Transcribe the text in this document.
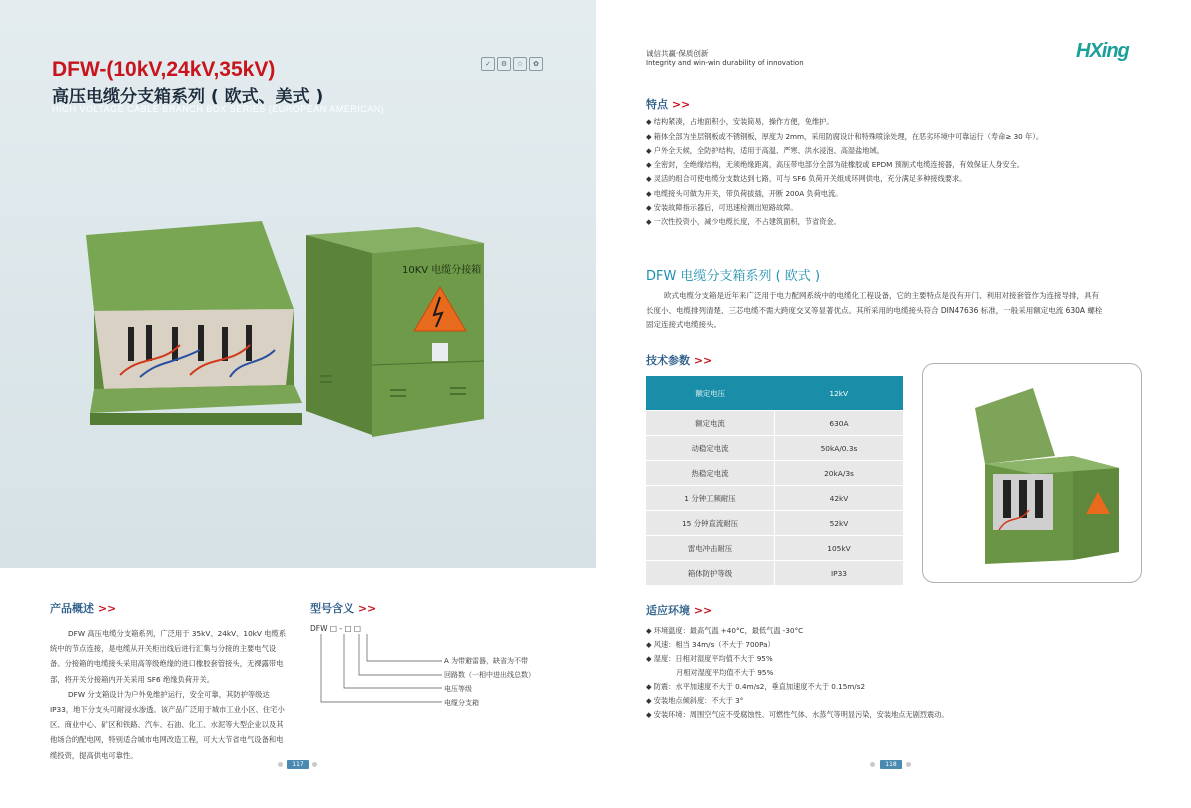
DFW-(10kV,24kV,35kV)
高压电缆分支箱系列 ( 欧式、美式 )
HIGH VOLTAGE CABLE BRANCH BOX SERIES (EUROPEAN AMERICAN)
✓	⚙	☆	✿
10KV 电缆分接箱
产品概述 >>

DFW 高压电缆分支箱系列，广泛用于 35kV、24kV、10kV 电缆系统中的节点连接，是电缆从开关柜出线后进行汇集与分接的主要电气设备。分接箱的电缆接头采用高等级绝缘的进口橡胶套管接头，无裸露带电部，将开关分接箱内开关采用 SF6 绝缘负荷开关。

DFW 分支箱设计为户外免维护运行，安全可靠，其防护等级达 IP33，地下分支头可耐浸水渗透。该产品广泛用于城市工业小区、住宅小区、商业中心、矿区和铁路、汽车、石油、化工、水泥等大型企业以及其他场合的配电网，特别适合城市电网改造工程，可大大节省电气设备和电缆投资，提高供电可靠性。

型号含义 >>
DFW □ - □ □
A 为带避雷器，缺省为不带
回路数（一相中进出线总数）
电压等级
电缆分支箱
117
诚信共赢·保质创新
Integrity and win-win durability of innovation
HXing
特点 >>
◆ 结构紧凑，占地面积小，安装简易，操作方便，免维护。
◆ 箱体全部为坐层钢板或不锈钢板，厚度为 2mm，采用防腐设计和特殊喷涂处理，在恶劣环境中可靠运行（寿命≥ 30 年）。
◆ 户外全天候，全防护结构，适用于高温、严寒、洪水浸泡、高湿盐地域。
◆ 全密封，全绝缘结构，无须绝缘距离，高压带电部分全部为硅橡胶或 EPDM 预制式电缆连接器，有效保证人身安全。
◆ 灵活的组合可使电缆分支数达到七路，可与 SF6 负荷开关组成环网供电，充分满足多种接线要求。
◆ 电缆接头可做为开关，带负荷拔插，开断 200A 负荷电流。
◆ 安装故障指示器后，可迅速检测出短路故障。
◆ 一次性投资小，减少电缆长度，不占建筑面积，节省资金。
DFW 电缆分支箱系列 ( 欧式 )
欧式电缆分支箱是近年来广泛用于电力配网系统中的电缆化工程设备，它的主要特点是没有开门、利用对接套管作为连接导排，具有长度小、电缆排列清楚、三芯电缆不需大跨度交叉等显著优点。其所采用的电缆接头符合 DIN47636 标准，一般采用额定电流 630A 螺栓固定连接式电缆接头。
技术参数 >>
额定电压	12kV
额定电流	630A
动稳定电流	50kA/0.3s
热稳定电流	20kA/3s
1 分钟工频耐压	42kV
15 分钟直流耐压	52kV
雷电冲击耐压	105kV
箱体防护等级	IP33
适应环境 >>
◆ 环境温度：最高气温 +40°C，最低气温 -30°C
◆ 风速：相当 34m/s（不大于 700Pa）
◆ 湿度：日相对湿度平均值不大于 95%
月相对湿度平均值不大于 95%
◆ 防震：水平加速度不大于 0.4m/s2，垂直加速度不大于 0.15m/s2
◆ 安装地点倾斜度：不大于 3°
◆ 安装环境：周围空气应不受腐蚀性、可燃性气体、水蒸气等明显污染，安装地点无剧烈震动。
118
